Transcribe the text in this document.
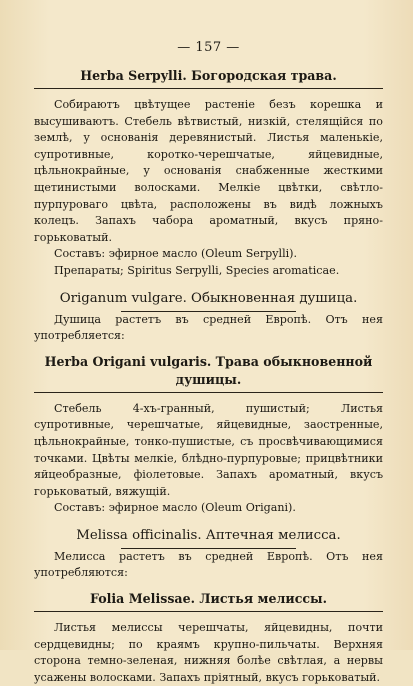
— 157 —
Herba Serpylli. Богородская трава.

Собираютъ цвѣтущее растеніе безъ корешка и высушиваютъ. Стебель вѣтвистый, низкій, стелящійся по землѣ, у основанія деревянистый. Листья маленькіе, супротивные, коротко-черешчатые, яйцевидные, цѣльнокрайные, у основанія снабженные жесткими щетинистыми волосками. Мелкіе цвѣтки, свѣтло-пурпуроваго цвѣта, расположены въ видѣ ложныхъ колецъ. Запахъ чабора ароматный, вкусъ пряно-горьковатый.

Составъ: эфирное масло (Oleum Serpylli).

Препараты; Spiritus Serpylli, Species aromaticae.

Origanum vulgare. Обыкновенная душица.

Душица растетъ въ средней Европѣ. Отъ нея употребляется:

Herba Origani vulgaris. Трава обыкновенной душицы.

Стебель 4-хъ-гранный, пушистый; Листья супротивные, черешчатые, яйцевидные, заостренные, цѣльнокрайные, тонко-пушистые, съ просвѣчивающимися точками. Цвѣты мелкіе, блѣдно-пурпуровые; прицвѣтники яйцеобразные, фіолетовые. Запахъ ароматный, вкусъ горьковатый, вяжущій.

Составъ: эфирное масло (Oleum Origani).

Melissa officinalis. Аптечная мелисса.

Мелисса растетъ въ средней Европѣ. Отъ нея употребляются:

Folia Melissae. Листья мелиссы.

Листья мелиссы черешчаты, яйцевидны, почти сердцевидны; по краямъ крупно-пильчаты. Верхняя сторона темно-зеленая, нижняя болѣе свѣтлая, а нервы усажены волосками. Запахъ пріятный, вкусъ горьковатый.
